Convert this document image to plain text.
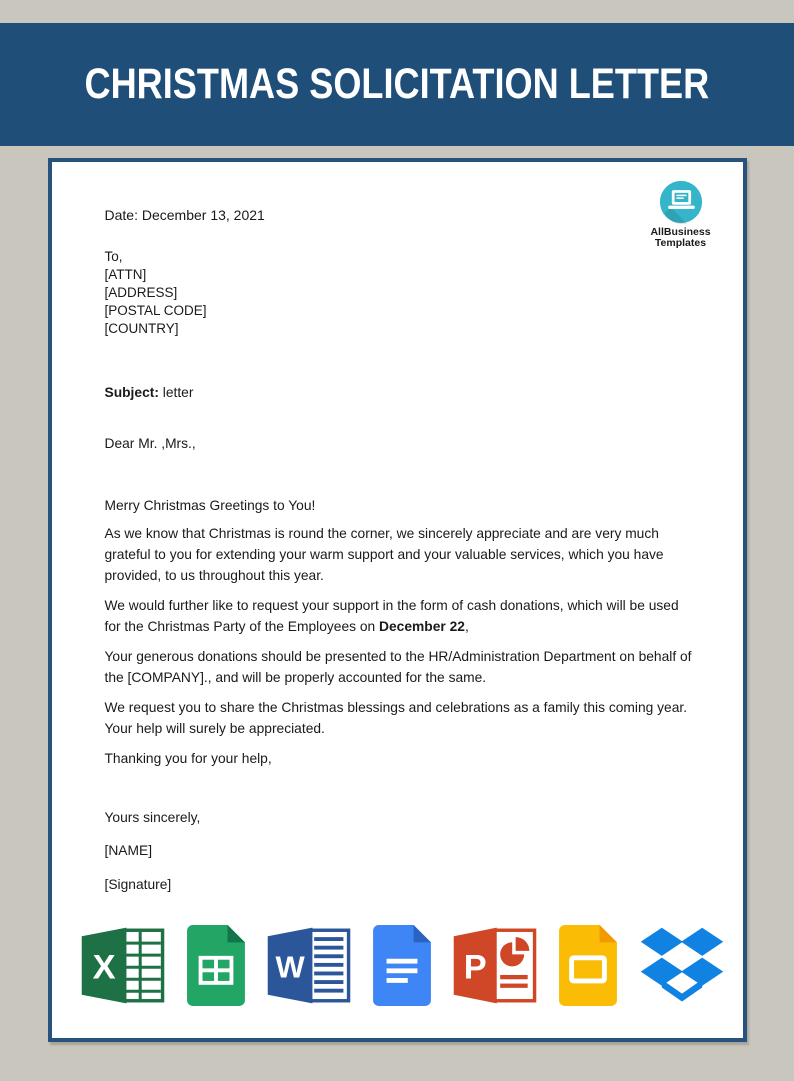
CHRISTMAS SOLICITATION LETTER
Date: December 13, 2021
AllBusiness
Templates
To,
[ATTN]
[ADDRESS]
[POSTAL CODE]
[COUNTRY]
Subject: letter
Dear Mr. ,Mrs.,
Merry Christmas Greetings to You!

As we know that Christmas is round the corner, we sincerely appreciate and are very much grateful to you for extending your warm support and your valuable services, which you have provided, to us throughout this year.

We would further like to request your support in the form of cash donations, which will be used for the Christmas Party of the Employees on December 22,

Your generous donations should be presented to the HR/Administration Department on behalf of the [COMPANY]., and will be properly accounted for the same.

We request you to share the Christmas blessings and celebrations as a family this coming year. Your help will surely be appreciated.

Thanking you for your help,

Yours sincerely,
[NAME]
[Signature]
X	W	P
